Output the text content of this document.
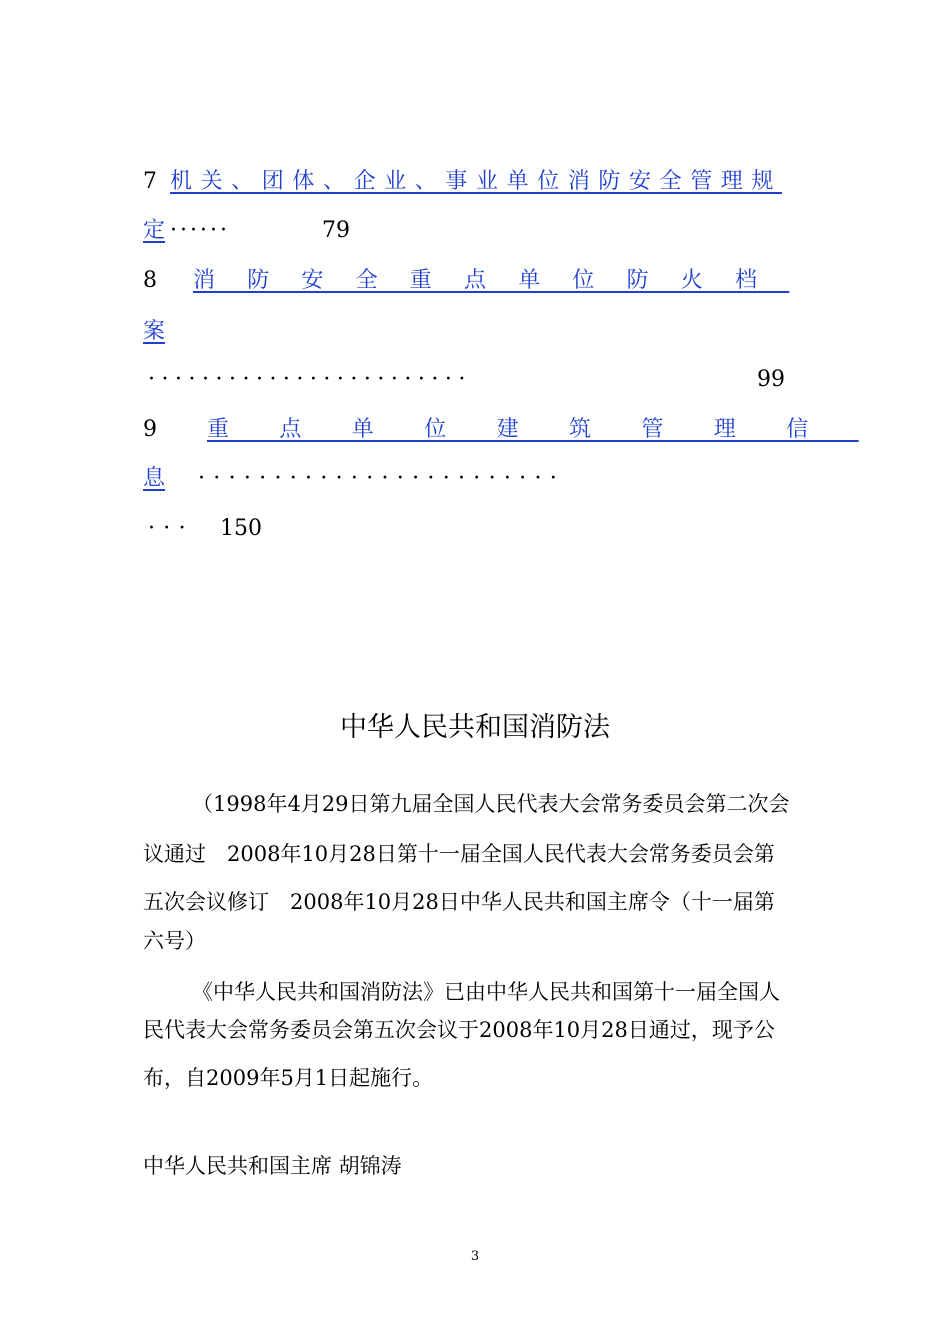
7 机关、团体、企业、事业单位消防安全管理规
定 ······	79
8 消防安全重点单位防火档
案
························	99
9 重点单位建筑管理信
息	························
··· 150
中华人民共和国消防法
（1998年4月29日第九届全国人民代表大会常务委员会第二次会
议通过　2008年10月28日第十一届全国人民代表大会常务委员会第
五次会议修订　2008年10月28日中华人民共和国主席令（十一届第
六号）
《中华人民共和国消防法》已由中华人民共和国第十一届全国人
民代表大会常务委员会第五次会议于2008年10月28日通过，现予公
布，自2009年5月1日起施行。
中华人民共和国主席 胡锦涛
3
